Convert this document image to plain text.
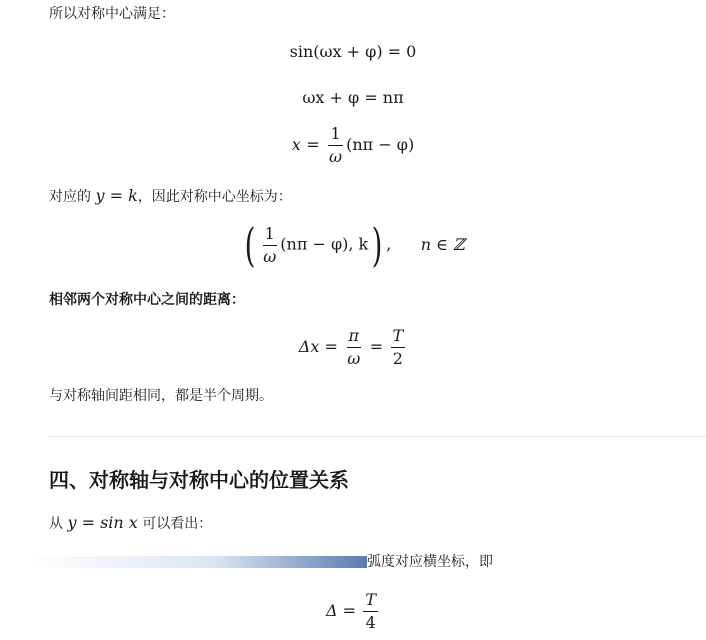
所以对称中心满足：
sin(ωx + φ) = 0
ωx + φ = nπ
$x = \frac{1}{\omega} (n\pi - \varphi)$
对应的 y = k，因此对称中心坐标为：
( $\frac{1}{\omega} (n\pi - \varphi)$, k) , n ∈ ℤ
相邻两个对称中心之间的距离：
$\Delta x = \frac{\pi}{\omega} = \frac{T}{2}$
与对称轴间距相同，都是半个周期。
四、对称轴与对称中心的位置关系
从 y = sin x 可以看出：
弧度对应横坐标，即
$\Delta = \frac{T}{4}$
